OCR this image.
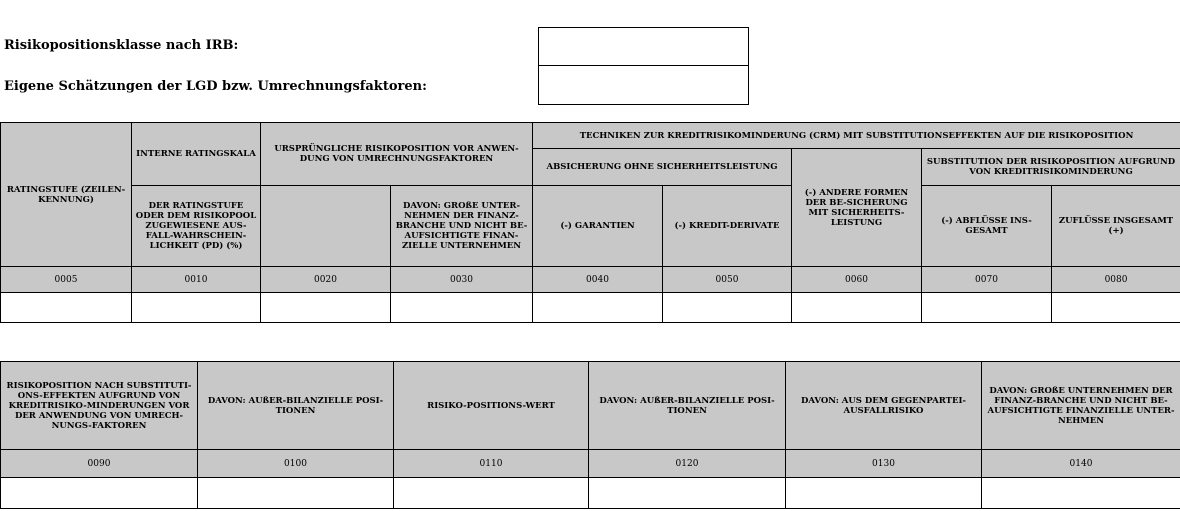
Risikopositionsklasse nach IRB:
Eigene Schätzungen der LGD bzw. Umrechnungsfaktoren:
RATINGSTUFE (ZEILEN-KENNUNG)	INTERNE RATINGSKALA	URSPRÜNGLICHE RISIKOPOSITION VOR ANWEN-DUNG VON UMRECHNUNGSFAKTOREN		TECHNIKEN ZUR KREDITRISIKOMINDERUNG (CRM) MIT SUBSTITUTIONSEFFEKTEN AUF DIE RISIKOPOSITION				
				ABSICHERUNG OHNE SICHERHEITSLEISTUNG		(-) ANDERE FORMEN DER BE-SICHERUNG MIT SICHERHEITS-LEISTUNG	SUBSTITUTION DER RISIKOPOSITION AUFGRUND VON KREDITRISIKOMINDERUNG	
	DER RATINGSTUFE ODER DEM RISIKOPOOL ZUGEWIESENE AUS-FALL-WAHRSCHEIN-LICHKEIT (PD) (%)		DAVON: GROßE UNTER-NEHMEN DER FINANZ-BRANCHE UND NICHT BE-AUFSICHTIGTE FINAN-ZIELLE UNTERNEHMEN	(-) GARANTIEN	(-) KREDIT-DERIVATE		(-) ABFLÜSSE INS-GESAMT	ZUFLÜSSE INSGESAMT (+)
0005	0010	0020	0030	0040	0050	0060	0070	0080

RISIKOPOSITION NACH SUBSTITUTI-ONS-EFFEKTEN AUFGRUND VON KREDITRISIKO-MINDERUNGEN VOR DER ANWENDUNG VON UMRECH-NUNGS-FAKTOREN	DAVON: AUßER-BILANZIELLE POSI-TIONEN	RISIKO-POSITIONS-WERT	DAVON: AUßER-BILANZIELLE POSI-TIONEN	DAVON: AUS DEM GEGENPARTEI-AUSFALLRISIKO	DAVON: GROßE UNTERNEHMEN DER FINANZ-BRANCHE UND NICHT BE-AUFSICHTIGTE FINANZIELLE UNTER-NEHMEN
0090	0100	0110	0120	0130	0140
